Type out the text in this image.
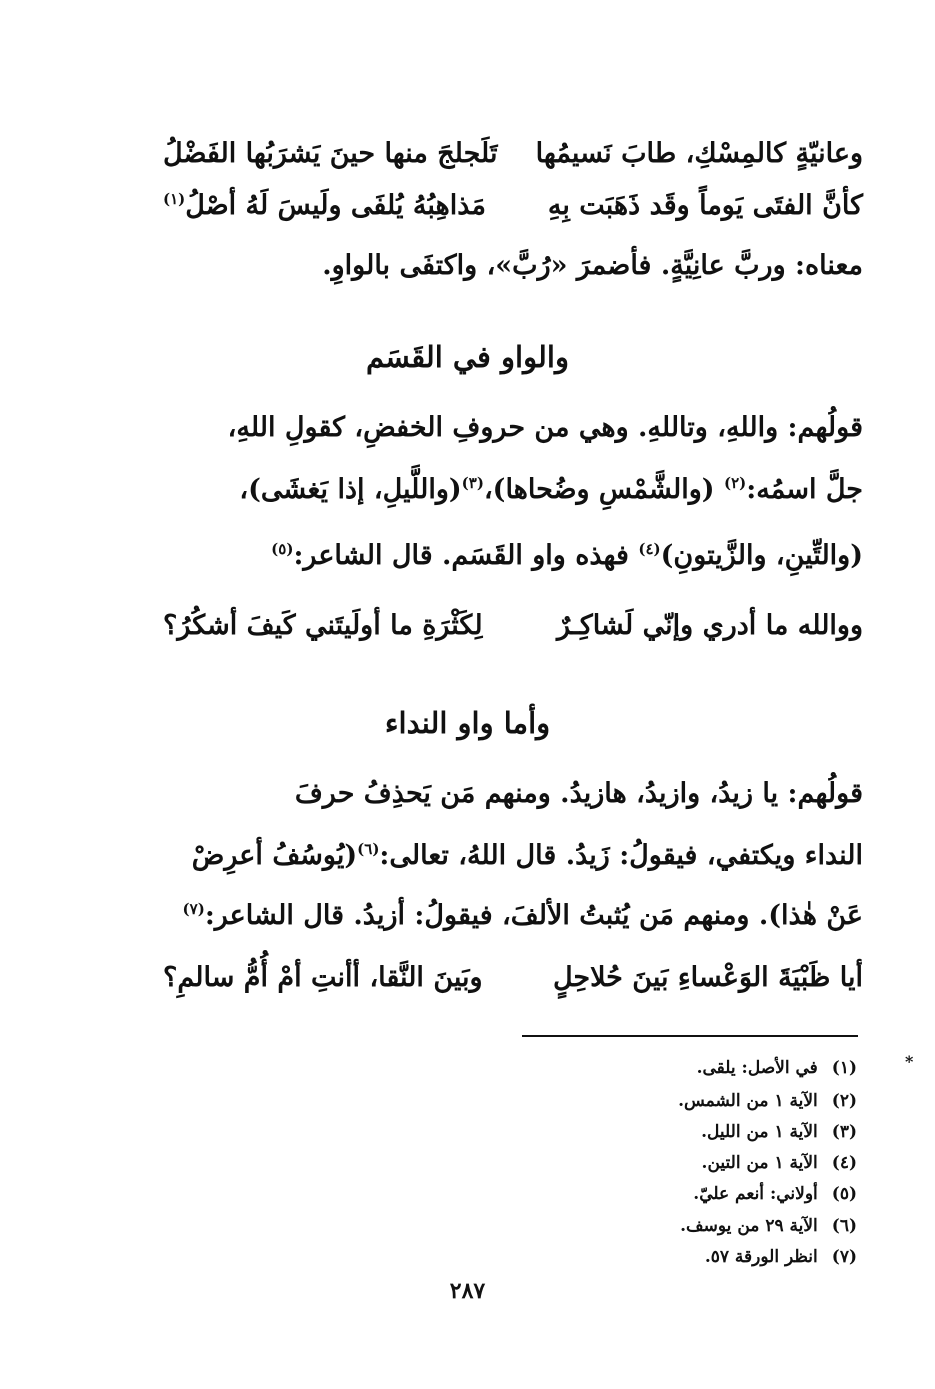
وعانيّةٍ كالمِسْكِ، طابَ نَسيمُها
تَلَجلجَ منها حينَ يَشرَبُها الفَضْلُ
كأنَّ الفتَى يَوماً وقَد ذَهَبَت بِهِ
مَذاهِبُهُ يُلفَى ولَيسَ لَهُ أصْلُ$^{(١)}$
معناه: وربَّ عانِيَّةٍ. فأضمرَ «رُبَّ»، واكتفَى بالواوِ.
والواو في القَسَم
قولُهم: واللهِ، وتاللهِ. وهي من حروفِ الخفضِ، كقولِ اللهِ،
جلَّ اسمُه:$^{(٢)}$ (والشَّمْسِ وضُحاها)،$^{(٣)}$(واللَّيلِ، إذا يَغشَى)،
(والتِّينِ، والزَّيتونِ)$^{(٤)}$ فهذه واو القَسَم. قال الشاعر:$^{(٥)}$
ووالله ما أدري وإنّي لَشاكِـرٌ
لِكَثْرَةِ ما أولَيتَني كَيفَ أشكُرُ؟
وأما واو النداء
قولُهم: يا زيدُ، وازيدُ، هازيدُ. ومنهم مَن يَحذِفُ حرفَ
النداء ويكتفي، فيقولُ: زَيدُ. قال اللهُ، تعالى:$^{(٦)}$(يُوسُفُ أعرِضْ
عَنْ هٰذا). ومنهم مَن يُثبتُ الألفَ، فيقولُ: أزيدُ. قال الشاعر:$^{(٧)}$
أيا ظَبْيَةَ الوَعْساءِ بَينَ حُلاحِلٍ
وبَينَ النَّقا، أأنتِ أمْ أُمُّ سالمِ؟
*
(١)في الأصل: يلقى.
(٢)الآية ١ من الشمس.
(٣)الآية ١ من الليل.
(٤)الآية ١ من التين.
(٥)أولاني: أنعم عليّ.
(٦)الآية ٢٩ من يوسف.
(٧)انظر الورقة ٥٧.
٢٨٧
